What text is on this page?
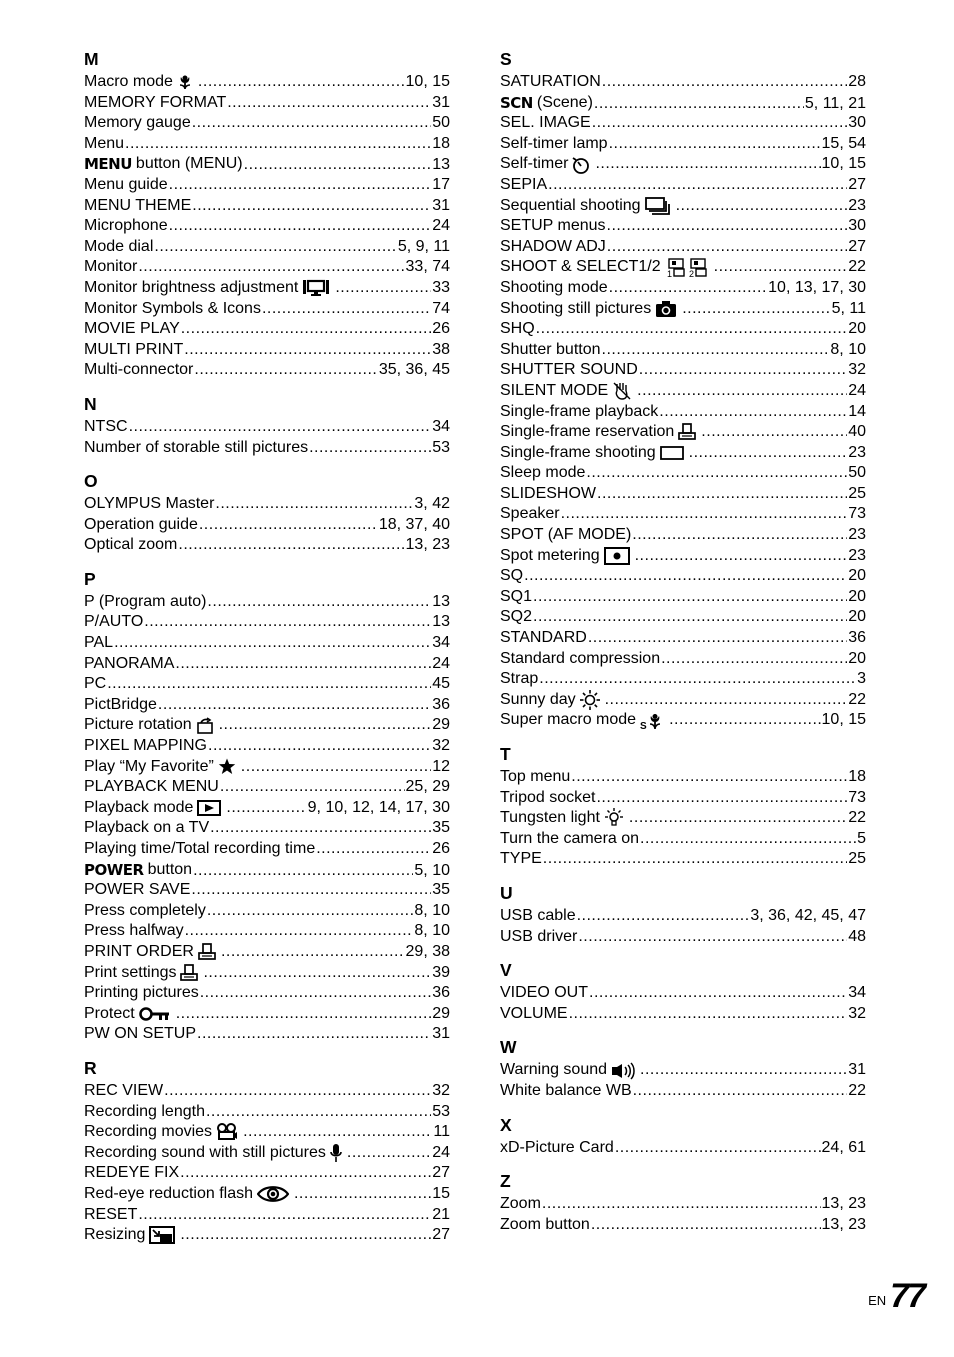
M
Macro mode .....	10, 15
MEMORY FORMAT .....	31
Memory gauge .....	50
Menu .....	18
MENU button (MENU) .....	13
Menu guide .....	17
MENU THEME .....	31
Microphone .....	24
Mode dial .....	5, 9, 11
Monitor .....	33, 74
Monitor brightness adjustment .....	33
Monitor Symbols & Icons .....	74
MOVIE PLAY .....	26
MULTI PRINT .....	38
Multi-connector .....	35, 36, 45
N
NTSC .....	34
Number of storable still pictures .....	53
O
OLYMPUS Master .....	3, 42
Operation guide .....	18, 37, 40
Optical zoom .....	13, 23
P
P (Program auto) .....	13
P/AUTO .....	13
PAL .....	34
PANORAMA .....	24
PC .....	45
PictBridge .....	36
Picture rotation .....	29
PIXEL MAPPING .....	32
Play “My Favorite” .....	12
PLAYBACK MENU .....	25, 29
Playback mode .....	9, 10, 12, 14, 17, 30
Playback on a TV .....	35
Playing time/Total recording time .....	26
POWER button .....	5, 10
POWER SAVE .....	35
Press completely .....	8, 10
Press halfway .....	8, 10
PRINT ORDER .....	29, 38
Print settings .....	39
Printing pictures .....	36
Protect .....	29
PW ON SETUP .....	31
R
REC VIEW .....	32
Recording length .....	53
Recording movies .....	11
Recording sound with still pictures .....	24
REDEYE FIX .....	27
Red-eye reduction flash .....	15
RESET .....	21
Resizing .....	27
S
SATURATION .....	28
SCN (Scene) .....	5, 11, 21
SEL. IMAGE .....	30
Self-timer lamp .....	15, 54
Self-timer .....	10, 15
SEPIA .....	27
Sequential shooting .....	23
SETUP menus .....	30
SHADOW ADJ .....	27
SHOOT & SELECT1/2 1 2 .....	22
Shooting mode .....	10, 13, 17, 30
Shooting still pictures .....	5, 11
SHQ .....	20
Shutter button .....	8, 10
SHUTTER SOUND .....	32
SILENT MODE .....	24
Single-frame playback .....	14
Single-frame reservation .....	40
Single-frame shooting .....	23
Sleep mode .....	50
SLIDESHOW .....	25
Speaker .....	73
SPOT (AF MODE) .....	23
Spot metering .....	23
SQ .....	20
SQ1 .....	20
SQ2 .....	20
STANDARD .....	36
Standard compression .....	20
Strap .....	3
Sunny day .....	22
Super macro mode S .....	10, 15
T
Top menu .....	18
Tripod socket .....	73
Tungsten light .....	22
Turn the camera on .....	5
TYPE .....	25
U
USB cable .....	3, 36, 42, 45, 47
USB driver .....	48
V
VIDEO OUT .....	34
VOLUME .....	32
W
Warning sound .....	31
White balance WB .....	22
X
xD-Picture Card .....	24, 61
Z
Zoom .....	13, 23
Zoom button .....	13, 23
EN 77
